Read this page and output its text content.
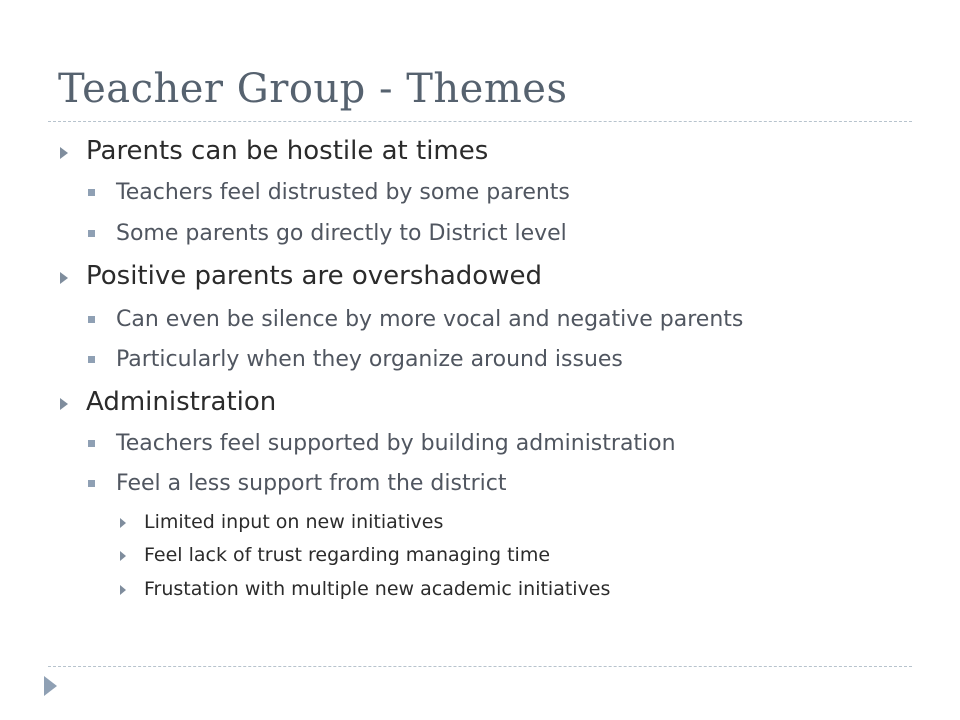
Teacher Group - Themes
Parents can be hostile at times
Teachers feel distrusted by some parents
Some parents go directly to District level
Positive parents are overshadowed
Can even be silence by more vocal and negative parents
Particularly when they organize around issues
Administration
Teachers feel supported by building administration
Feel a less support from the district
Limited input on new initiatives
Feel lack of trust regarding managing time
Frustation with multiple new academic initiatives
